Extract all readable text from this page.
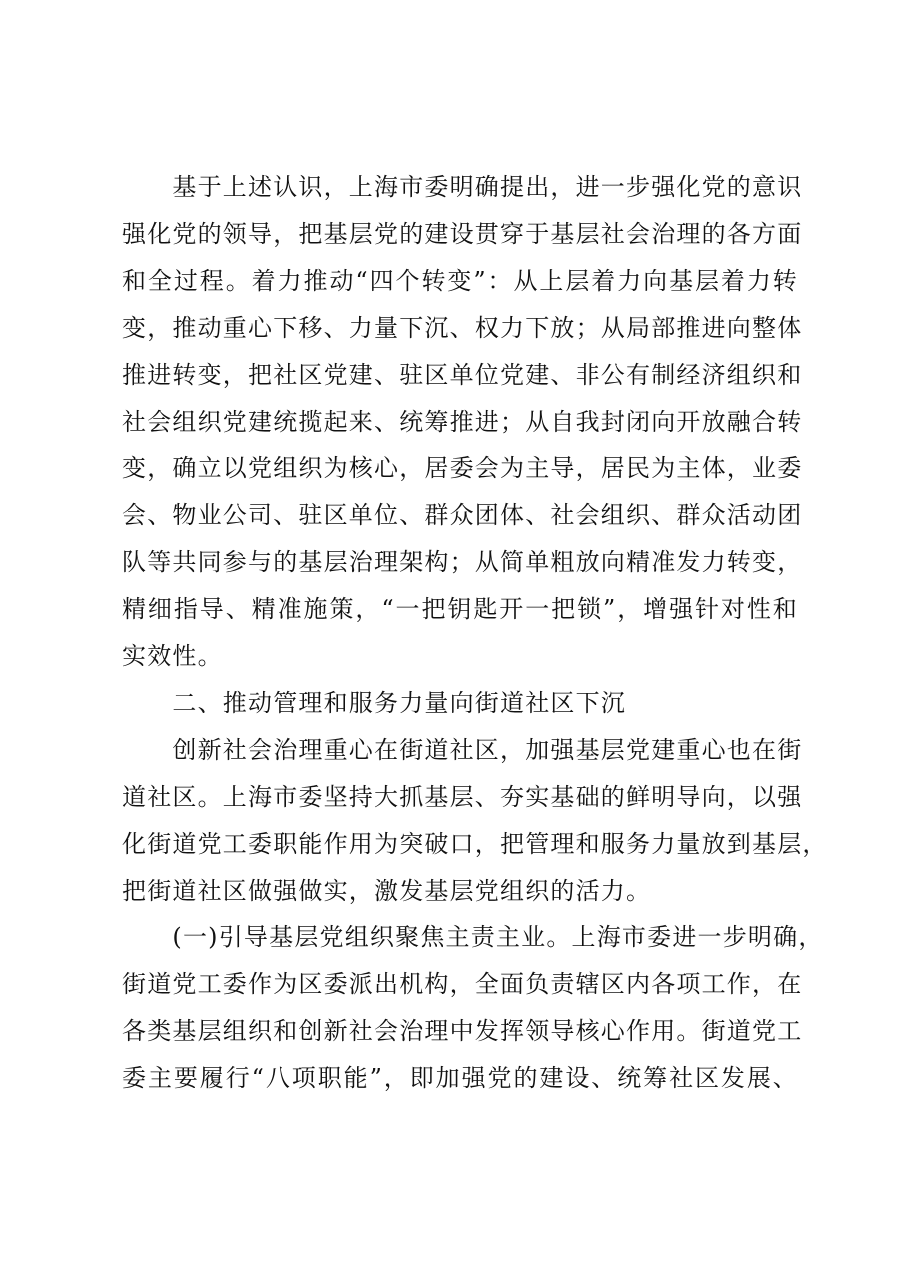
　　基于上述认识，上海市委明确提出，进一步强化党的意识
强化党的领导，把基层党的建设贯穿于基层社会治理的各方面
和全过程。着力推动“四个转变”：从上层着力向基层着力转
变，推动重心下移、力量下沉、权力下放；从局部推进向整体
推进转变，把社区党建、驻区单位党建、非公有制经济组织和
社会组织党建统揽起来、统筹推进；从自我封闭向开放融合转
变，确立以党组织为核心，居委会为主导，居民为主体，业委
会、物业公司、驻区单位、群众团体、社会组织、群众活动团
队等共同参与的基层治理架构；从简单粗放向精准发力转变，
精细指导、精准施策，“一把钥匙开一把锁”，增强针对性和
实效性。
　　二、推动管理和服务力量向街道社区下沉
　　创新社会治理重心在街道社区，加强基层党建重心也在街
道社区。上海市委坚持大抓基层、夯实基础的鲜明导向，以强
化街道党工委职能作用为突破口，把管理和服务力量放到基层，
把街道社区做强做实，激发基层党组织的活力。
　　(一)引导基层党组织聚焦主责主业。上海市委进一步明确，
街道党工委作为区委派出机构，全面负责辖区内各项工作，在
各类基层组织和创新社会治理中发挥领导核心作用。街道党工
委主要履行“八项职能”，即加强党的建设、统筹社区发展、
